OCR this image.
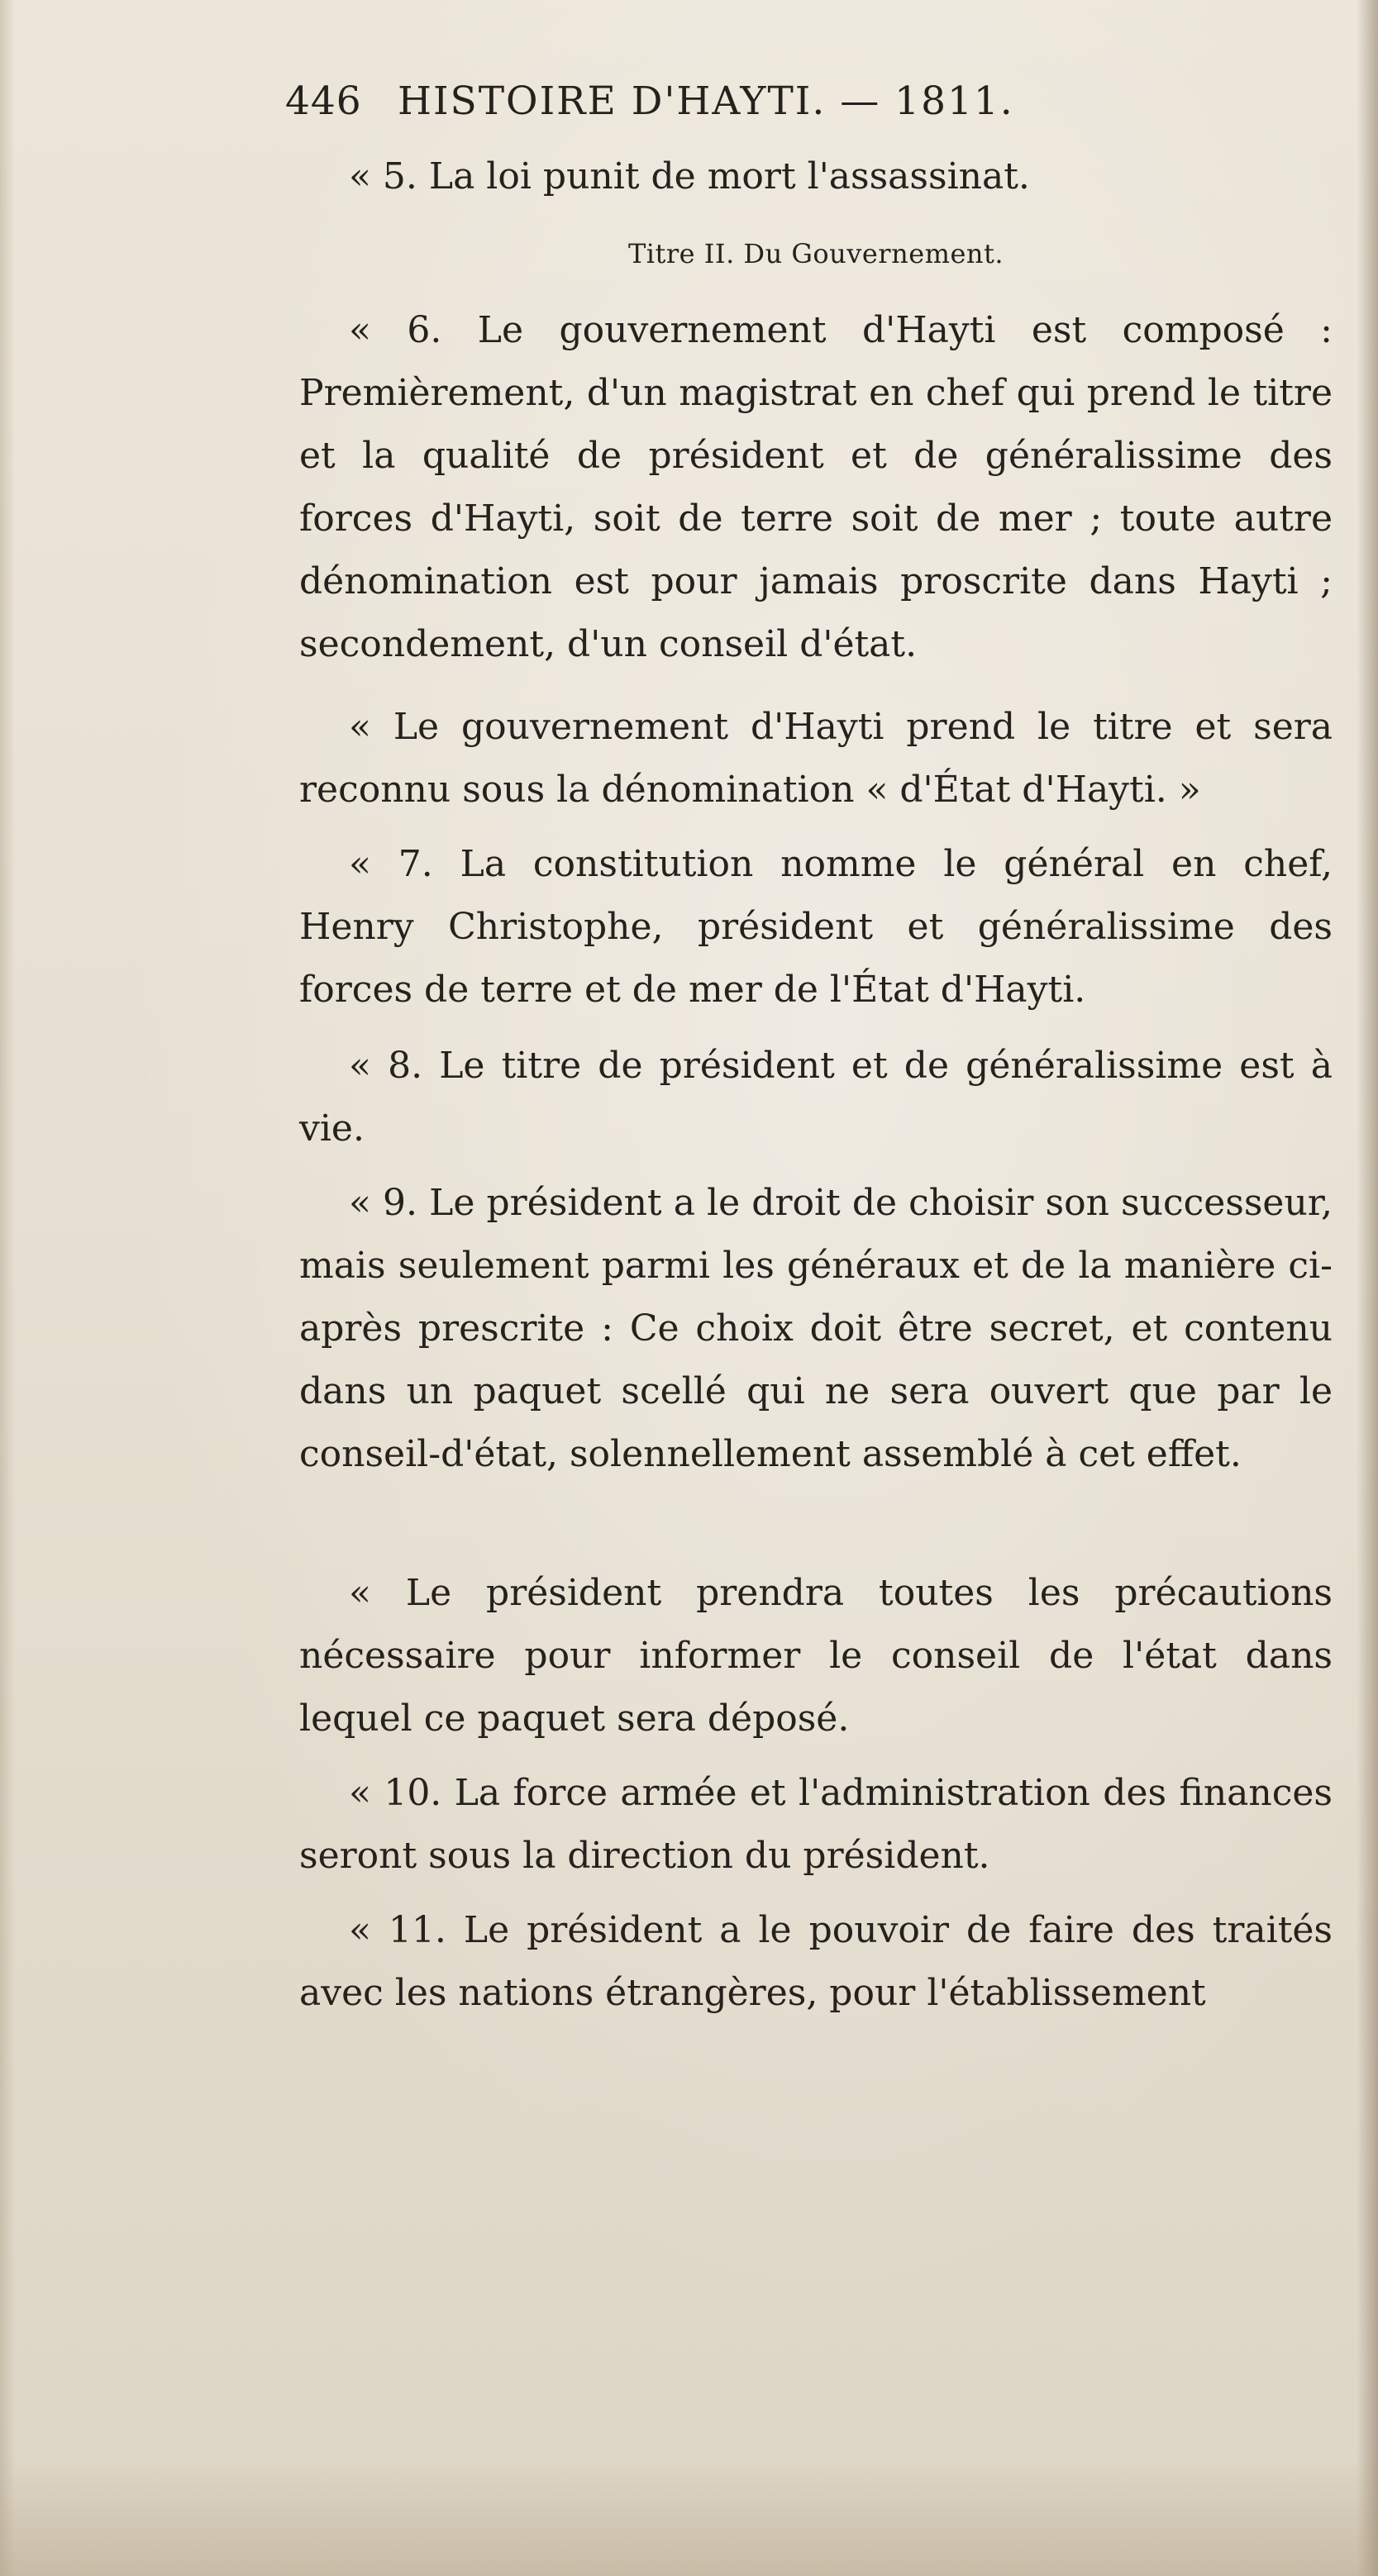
446 HISTOIRE D'HAYTI. — 1811.
« 5. La loi punit de mort l'assassinat.
Titre II. Du Gouvernement.
« 6. Le gouvernement d'Hayti est composé : Premièrement, d'un magistrat en chef qui prend le titre et la qualité de président et de généralissime des forces d'Hayti, soit de terre soit de mer ; toute autre dénomination est pour jamais proscrite dans Hayti ; secondement, d'un conseil d'état.
« Le gouvernement d'Hayti prend le titre et sera reconnu sous la dénomination « d'État d'Hayti. »
« 7. La constitution nomme le général en chef, Henry Christophe, président et généralissime des forces de terre et de mer de l'État d'Hayti.
« 8. Le titre de président et de généralissime est à vie.
« 9. Le président a le droit de choisir son successeur, mais seulement parmi les généraux et de la manière ci-après prescrite : Ce choix doit être secret, et contenu dans un paquet scellé qui ne sera ouvert que par le conseil-d'état, solennellement assemblé à cet effet.
« Le président prendra toutes les précautions nécessaire pour informer le conseil de l'état dans lequel ce paquet sera déposé.
« 10. La force armée et l'administration des finances seront sous la direction du président.
« 11. Le président a le pouvoir de faire des traités avec les nations étrangères, pour l'établissement
